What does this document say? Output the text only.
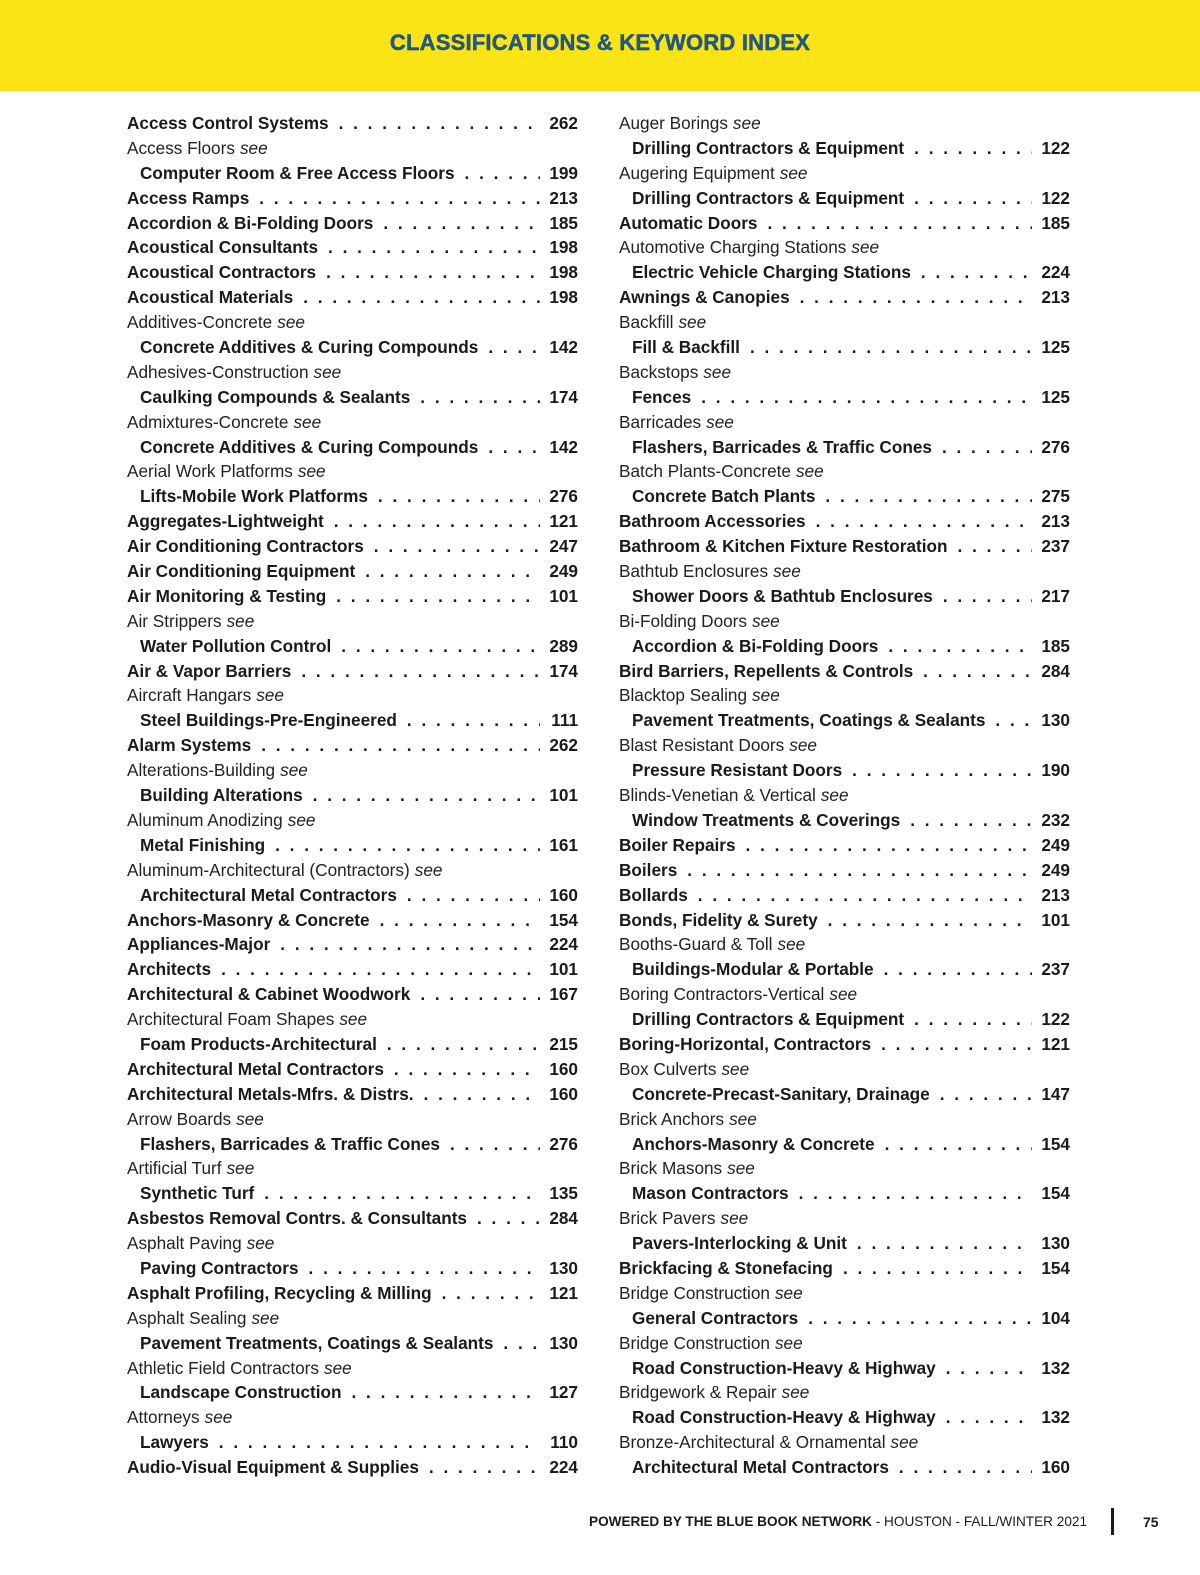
CLASSIFICATIONS & KEYWORD INDEX
Access Control Systems . . .	262
Access Floors see
Computer Room & Free Access Floors . . .	199
Access Ramps . . .	213
Accordion & Bi-Folding Doors . . .	185
Acoustical Consultants . . .	198
Acoustical Contractors . . .	198
Acoustical Materials . . .	198
Additives-Concrete see
Concrete Additives & Curing Compounds . . .	142
Adhesives-Construction see
Caulking Compounds & Sealants . . .	174
Admixtures-Concrete see
Concrete Additives & Curing Compounds . . .	142
Aerial Work Platforms see
Lifts-Mobile Work Platforms . . .	276
Aggregates-Lightweight . . .	121
Air Conditioning Contractors . . .	247
Air Conditioning Equipment . . .	249
Air Monitoring & Testing . . .	101
Air Strippers see
Water Pollution Control . . .	289
Air & Vapor Barriers . . .	174
Aircraft Hangars see
Steel Buildings-Pre-Engineered . . .	111
Alarm Systems . . .	262
Alterations-Building see
Building Alterations . . .	101
Aluminum Anodizing see
Metal Finishing . . .	161
Aluminum-Architectural (Contractors) see
Architectural Metal Contractors . . .	160
Anchors-Masonry & Concrete . . .	154
Appliances-Major . . .	224
Architects . . .	101
Architectural & Cabinet Woodwork . . .	167
Architectural Foam Shapes see
Foam Products-Architectural . . .	215
Architectural Metal Contractors . . .	160
Architectural Metals-Mfrs. & Distrs. . . .	160
Arrow Boards see
Flashers, Barricades & Traffic Cones . . .	276
Artificial Turf see
Synthetic Turf . . .	135
Asbestos Removal Contrs. & Consultants . . .	284
Asphalt Paving see
Paving Contractors . . .	130
Asphalt Profiling, Recycling & Milling . . .	121
Asphalt Sealing see
Pavement Treatments, Coatings & Sealants . . .	130
Athletic Field Contractors see
Landscape Construction . . .	127
Attorneys see
Lawyers . . .	110
Audio-Visual Equipment & Supplies . . .	224
Auger Borings see
Drilling Contractors & Equipment . . .	122
Augering Equipment see
Drilling Contractors & Equipment . . .	122
Automatic Doors . . .	185
Automotive Charging Stations see
Electric Vehicle Charging Stations . . .	224
Awnings & Canopies . . .	213
Backfill see
Fill & Backfill . . .	125
Backstops see
Fences . . .	125
Barricades see
Flashers, Barricades & Traffic Cones . . .	276
Batch Plants-Concrete see
Concrete Batch Plants . . .	275
Bathroom Accessories . . .	213
Bathroom & Kitchen Fixture Restoration . . .	237
Bathtub Enclosures see
Shower Doors & Bathtub Enclosures . . .	217
Bi-Folding Doors see
Accordion & Bi-Folding Doors . . .	185
Bird Barriers, Repellents & Controls . . .	284
Blacktop Sealing see
Pavement Treatments, Coatings & Sealants . . .	130
Blast Resistant Doors see
Pressure Resistant Doors . . .	190
Blinds-Venetian & Vertical see
Window Treatments & Coverings . . .	232
Boiler Repairs . . .	249
Boilers . . .	249
Bollards . . .	213
Bonds, Fidelity & Surety . . .	101
Booths-Guard & Toll see
Buildings-Modular & Portable . . .	237
Boring Contractors-Vertical see
Drilling Contractors & Equipment . . .	122
Boring-Horizontal, Contractors . . .	121
Box Culverts see
Concrete-Precast-Sanitary, Drainage . . .	147
Brick Anchors see
Anchors-Masonry & Concrete . . .	154
Brick Masons see
Mason Contractors . . .	154
Brick Pavers see
Pavers-Interlocking & Unit . . .	130
Brickfacing & Stonefacing . . .	154
Bridge Construction see
General Contractors . . .	104
Bridge Construction see
Road Construction-Heavy & Highway . . .	132
Bridgework & Repair see
Road Construction-Heavy & Highway . . .	132
Bronze-Architectural & Ornamental see
Architectural Metal Contractors . . .	160
POWERED BY THE BLUE BOOK NETWORK - HOUSTON - FALL/WINTER 2021	75
